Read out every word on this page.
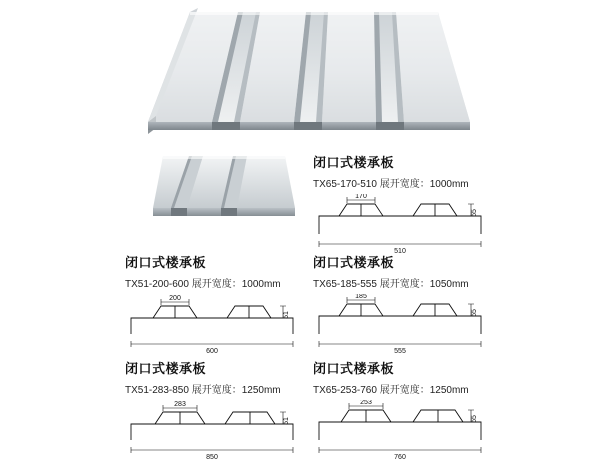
闭口式楼承板
TX65-170-510 展开宽度：1000mm
170
65
510
闭口式楼承板
TX51-200-600 展开宽度：1000mm
200
51
600
闭口式楼承板
TX65-185-555 展开宽度：1050mm
185
65
555
闭口式楼承板
TX51-283-850 展开宽度：1250mm
283
51
850
闭口式楼承板
TX65-253-760 展开宽度：1250mm
253
65
760
